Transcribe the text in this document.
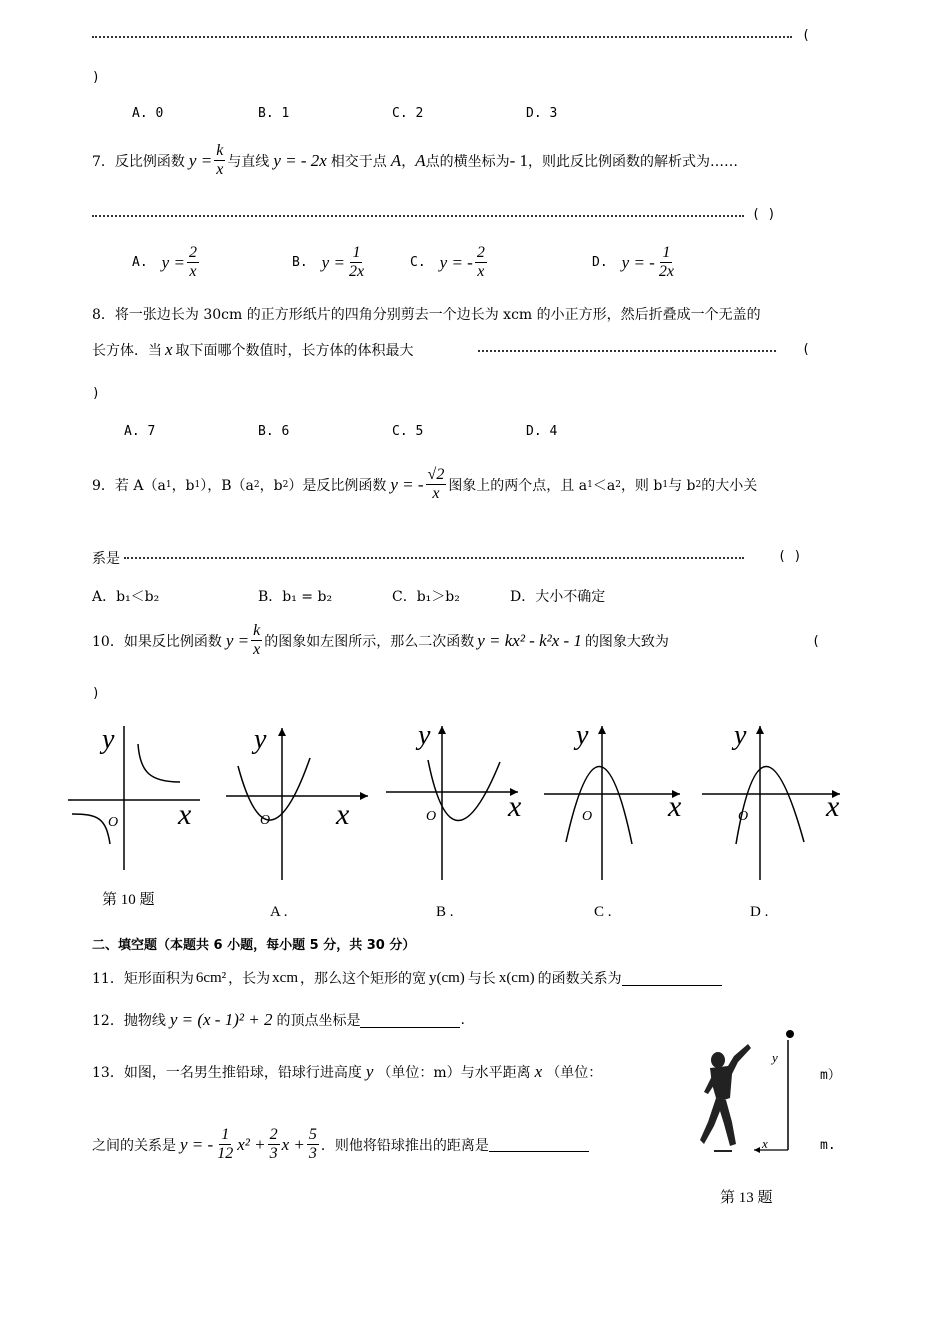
(
)
A. 0	B. 1	C. 2	D. 3
7．反比例函数 $y = \frac{k}{x}$ 与直线 y = - 2x 相交于点 A ， A 点的横坐标为 - 1 ，则此反比例函数的解析式为……
( )
A. $y = \frac{2}{x}$	B. $y = \frac{1}{2x}$	C. y = - $\frac{2}{x}$	D. y = - $\frac{1}{2x}$
8．将一张边长为 30cm 的正方形纸片的四角分别剪去一个边长为 xcm 的小正方形，然后折叠成一个无盖的
长方体．当 x 取下面哪个数值时，长方体的体积最大	(
)
A. 7	B. 6	C. 5	D. 4
9．若 A（a 1 ，b 1 ），B（a 2 ，b 2 ）是反比例函数 y = - $\frac{√2}{x}$ 图象上的两个点，且 a 1 ＜a 2 ，则 b 1 与 b 2 的大小关
系是	( )
A．b₁＜b₂	B．b₁ = b₂	C．b₁＞b₂	D．大小不确定
10．如果反比例函数 $y = \frac{k}{x}$ 的图象如左图所示，那么二次函数 y = kx² - k²x - 1 的图象大致为	(
)
y
x
O
y
x
O
y
x
O
y
x
O
y
x
O
第 10 题
A .	B .	C .	D .
二、填空题（本题共 6 小题，每小题 5 分，共 30 分）
11．矩形面积为 6cm² ，长为 xcm ，那么这个矩形的宽 y(cm) 与长 x(cm) 的函数关系为
12．抛物线 y = (x - 1)² + 2 的顶点坐标是	.
13．如图，一名男生推铅球，铅球行进高度 y （单位：m）与水平距离 x （单位：	m）
之间的关系是 y = - $\frac{1}{12} x^2 + \frac{2}{3}$ $x + \frac{5}{3}$ ．则他将铅球推出的距离是	m.
y
x
第 13 题
